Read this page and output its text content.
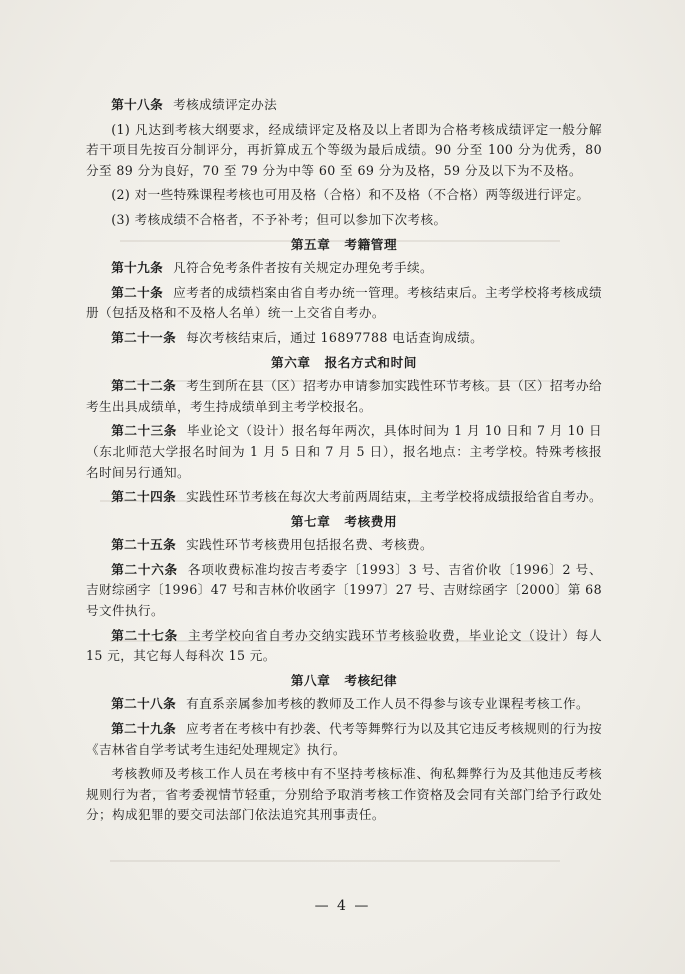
第十八条 考核成绩评定办法

(1) 凡达到考核大纲要求，经成绩评定及格及以上者即为合格考核成绩评定一般分解若干项目先按百分制评分，再折算成五个等级为最后成绩。90 分至 100 分为优秀，80 分至 89 分为良好，70 至 79 分为中等 60 至 69 分为及格，59 分及以下为不及格。

(2) 对一些特殊课程考核也可用及格（合格）和不及格（不合格）两等级进行评定。

(3) 考核成绩不合格者，不予补考；但可以参加下次考核。

第五章 考籍管理

第十九条 凡符合免考条件者按有关规定办理免考手续。

第二十条 应考者的成绩档案由省自考办统一管理。考核结束后。主考学校将考核成绩册（包括及格和不及格人名单）统一上交省自考办。

第二十一条 每次考核结束后，通过 16897788 电话查询成绩。

第六章 报名方式和时间

第二十二条 考生到所在县（区）招考办申请参加实践性环节考核。县（区）招考办给考生出具成绩单，考生持成绩单到主考学校报名。

第二十三条 毕业论文（设计）报名每年两次，具体时间为 1 月 10 日和 7 月 10 日（东北师范大学报名时间为 1 月 5 日和 7 月 5 日），报名地点：主考学校。特殊考核报名时间另行通知。

第二十四条 实践性环节考核在每次大考前两周结束，主考学校将成绩报给省自考办。

第七章 考核费用

第二十五条 实践性环节考核费用包括报名费、考核费。

第二十六条 各项收费标准均按吉考委字〔1993〕3 号、吉省价收〔1996〕2 号、吉财综函字〔1996〕47 号和吉林价收函字〔1997〕27 号、吉财综函字〔2000〕第 68 号文件执行。

第二十七条 主考学校向省自考办交纳实践环节考核验收费，毕业论文（设计）每人 15 元，其它每人每科次 15 元。

第八章 考核纪律

第二十八条 有直系亲属参加考核的教师及工作人员不得参与该专业课程考核工作。

第二十九条 应考者在考核中有抄袭、代考等舞弊行为以及其它违反考核规则的行为按《吉林省自学考试考生违纪处理规定》执行。

考核教师及考核工作人员在考核中有不坚持考核标准、徇私舞弊行为及其他违反考核规则行为者，省考委视情节轻重，分别给予取消考核工作资格及会同有关部门给予行政处分；构成犯罪的要交司法部门依法追究其刑事责任。

— 4 —
